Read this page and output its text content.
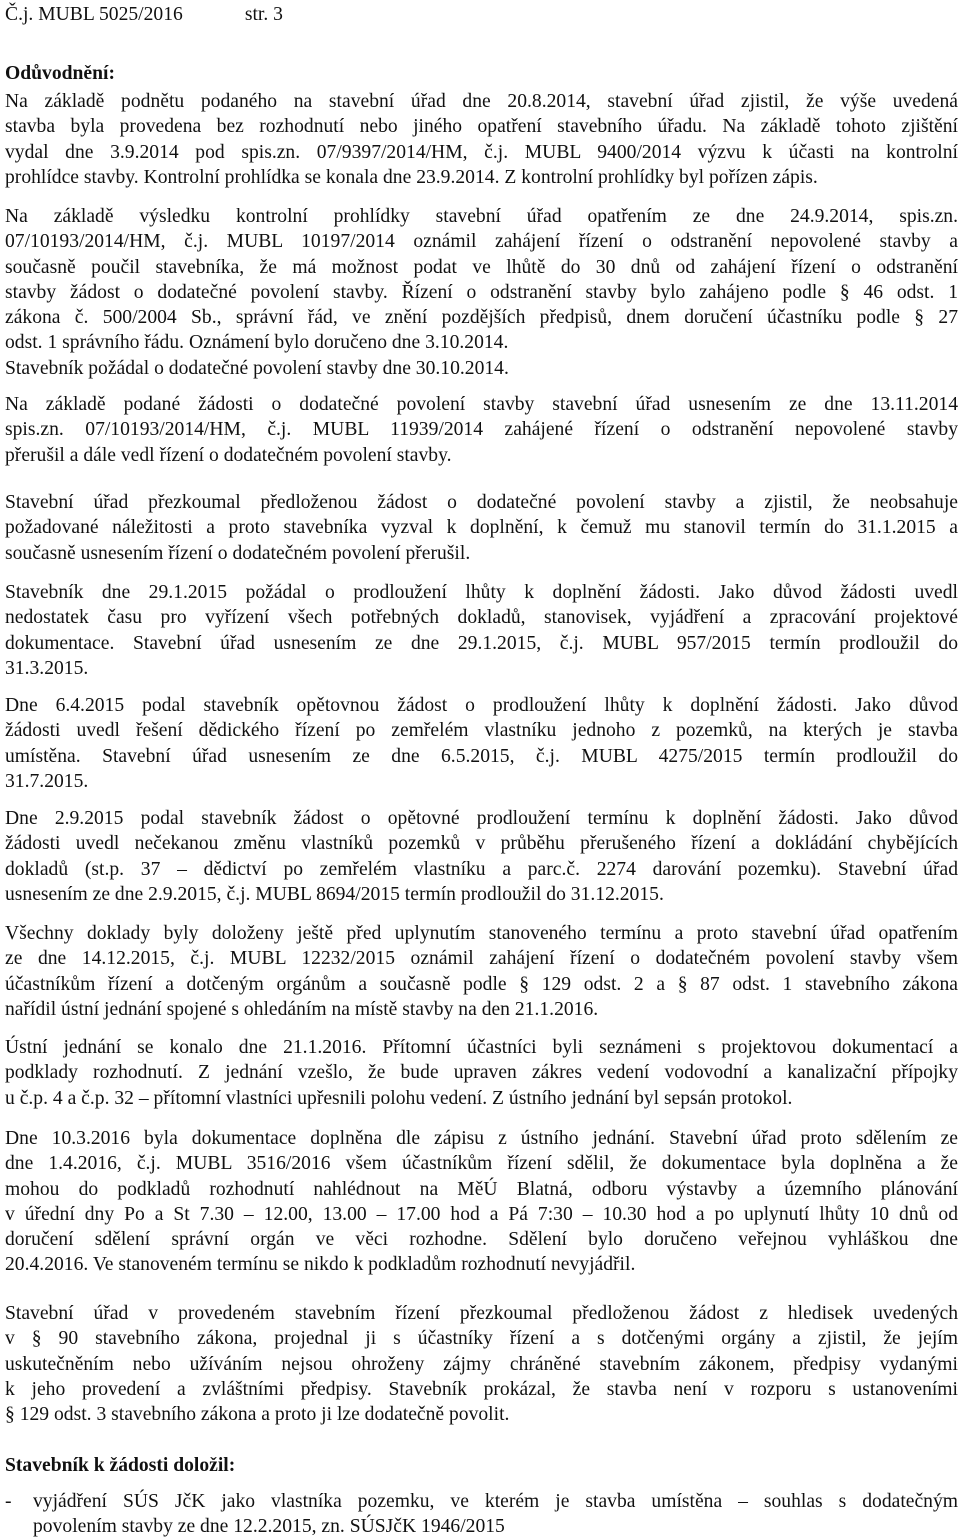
Č.j. MUBL 5025/2016	str. 3
Odůvodnění:
Na základě podnětu podaného na stavební úřad dne 20.8.2014, stavební úřad zjistil, že výše uvedená
stavba byla provedena bez rozhodnutí nebo jiného opatření stavebního úřadu. Na základě tohoto zjištění
vydal dne 3.9.2014 pod spis.zn. 07/9397/2014/HM, č.j. MUBL 9400/2014 výzvu k účasti na kontrolní
prohlídce stavby. Kontrolní prohlídka se konala dne 23.9.2014. Z kontrolní prohlídky byl pořízen zápis.
Na základě výsledku kontrolní prohlídky stavební úřad opatřením ze dne 24.9.2014, spis.zn.
07/10193/2014/HM, č.j. MUBL 10197/2014 oznámil zahájení řízení o odstranění nepovolené stavby a
současně poučil stavebníka, že má možnost podat ve lhůtě do 30 dnů od zahájení řízení o odstranění
stavby žádost o dodatečné povolení stavby. Řízení o odstranění stavby bylo zahájeno podle § 46 odst. 1
zákona č. 500/2004 Sb., správní řád, ve znění pozdějších předpisů, dnem doručení účastníku podle § 27
odst. 1 správního řádu. Oznámení bylo doručeno dne 3.10.2014.
Stavebník požádal o dodatečné povolení stavby dne 30.10.2014.
Na základě podané žádosti o dodatečné povolení stavby stavební úřad usnesením ze dne 13.11.2014
spis.zn. 07/10193/2014/HM, č.j. MUBL 11939/2014 zahájené řízení o odstranění nepovolené stavby
přerušil a dále vedl řízení o dodatečném povolení stavby.
Stavební úřad přezkoumal předloženou žádost o dodatečné povolení stavby a zjistil, že neobsahuje
požadované náležitosti a proto stavebníka vyzval k doplnění, k čemuž mu stanovil termín do 31.1.2015 a
současně usnesením řízení o dodatečném povolení přerušil.
Stavebník dne 29.1.2015 požádal o prodloužení lhůty k doplnění žádosti. Jako důvod žádosti uvedl
nedostatek času pro vyřízení všech potřebných dokladů, stanovisek, vyjádření a zpracování projektové
dokumentace. Stavební úřad usnesením ze dne 29.1.2015, č.j. MUBL 957/2015 termín prodloužil do
31.3.2015.
Dne 6.4.2015 podal stavebník opětovnou žádost o prodloužení lhůty k doplnění žádosti. Jako důvod
žádosti uvedl řešení dědického řízení po zemřelém vlastníku jednoho z pozemků, na kterých je stavba
umístěna. Stavební úřad usnesením ze dne 6.5.2015, č.j. MUBL 4275/2015 termín prodloužil do
31.7.2015.
Dne 2.9.2015 podal stavebník žádost o opětovné prodloužení termínu k doplnění žádosti. Jako důvod
žádosti uvedl nečekanou změnu vlastníků pozemků v průběhu přerušeného řízení a dokládání chybějících
dokladů (st.p. 37 – dědictví po zemřelém vlastníku a parc.č. 2274 darování pozemku). Stavební úřad
usnesením ze dne 2.9.2015, č.j. MUBL 8694/2015 termín prodloužil do 31.12.2015.
Všechny doklady byly doloženy ještě před uplynutím stanoveného termínu a proto stavební úřad opatřením
ze dne 14.12.2015, č.j. MUBL 12232/2015 oznámil zahájení řízení o dodatečném povolení stavby všem
účastníkům řízení a dotčeným orgánům a současně podle § 129 odst. 2 a § 87 odst. 1 stavebního zákona
nařídil ústní jednání spojené s ohledáním na místě stavby na den 21.1.2016.
Ústní jednání se konalo dne 21.1.2016. Přítomní účastníci byli seznámeni s projektovou dokumentací a
podklady rozhodnutí. Z jednání vzešlo, že bude upraven zákres vedení vodovodní a kanalizační přípojky
u č.p. 4 a č.p. 32 – přítomní vlastníci upřesnili polohu vedení. Z ústního jednání byl sepsán protokol.
Dne 10.3.2016 byla dokumentace doplněna dle zápisu z ústního jednání. Stavební úřad proto sdělením ze
dne 1.4.2016, č.j. MUBL 3516/2016 všem účastníkům řízení sdělil, že dokumentace byla doplněna a že
mohou do podkladů rozhodnutí nahlédnout na MěÚ Blatná, odboru výstavby a územního plánování
v úřední dny Po a St 7.30 – 12.00, 13.00 – 17.00 hod a Pá 7:30 – 10.30 hod a po uplynutí lhůty 10 dnů od
doručení sdělení správní orgán ve věci rozhodne. Sdělení bylo doručeno veřejnou vyhláškou dne
20.4.2016. Ve stanoveném termínu se nikdo k podkladům rozhodnutí nevyjádřil.
Stavební úřad v provedeném stavebním řízení přezkoumal předloženou žádost z hledisek uvedených
v § 90 stavebního zákona, projednal ji s účastníky řízení a s dotčenými orgány a zjistil, že jejím
uskutečněním nebo užíváním nejsou ohroženy zájmy chráněné stavebním zákonem, předpisy vydanými
k jeho provedení a zvláštními předpisy. Stavebník prokázal, že stavba není v rozporu s ustanoveními
§ 129 odst. 3 stavebního zákona a proto ji lze dodatečně povolit.
Stavebník k žádosti doložil:
- vyjádření SÚS JčK jako vlastníka pozemku, ve kterém je stavba umístěna – souhlas s dodatečným
povolením stavby ze dne 12.2.2015, zn. SÚSJčK 1946/2015
